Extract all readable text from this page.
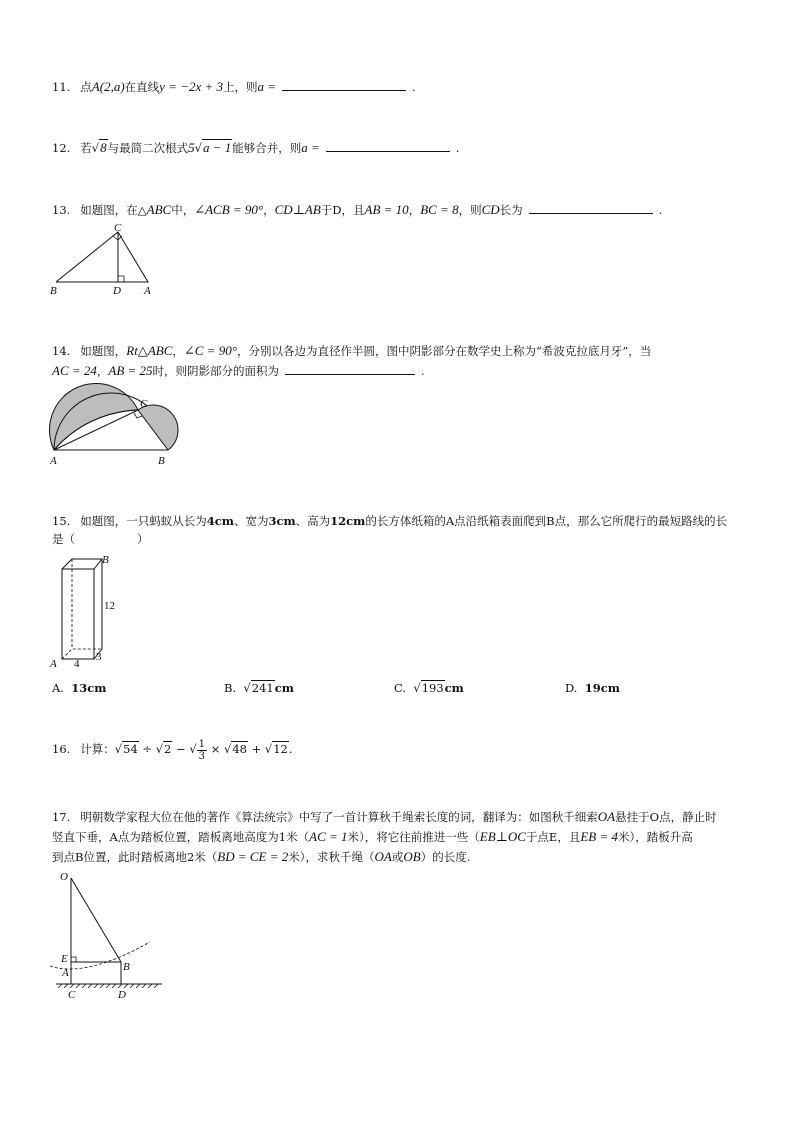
11. 点A(2,a)在直线y = −2x + 3上，则a =	.
12. 若√8与最简二次根式5√a − 1能够合并，则a =	.
13. 如题图，在△ABC中，∠ACB = 90°，CD⊥AB于D，且AB = 10，BC = 8，则CD长为	.
B	D A
C
14. 如题图，Rt△ABC，∠C = 90°，分别以各边为直径作半圆，图中阴影部分在数学史上称为“希波克拉底月牙”，当
AC = 24，AB = 25时，则阴影部分的面积为	.
A	B
C
15. 如题图，一只蚂蚁从长为4cm、宽为3cm、高为12cm的长方体纸箱的A点沿纸箱表面爬到B点，那么它所爬行的最短路线的长
是（	）
A
B
12
4
3
A. 13cm	B.  √241cm	C.  √193cm	D. 19cm
16. 计算：√54 ÷ √2 − √ $\frac{1}{3} \times √48 + √12$.
17. 明朝数学家程大位在他的著作《算法统宗》中写了一首计算秋千绳索长度的词，翻译为：如图秋千细索OA悬挂于O点，静止时
竖直下垂，A点为踏板位置，踏板离地高度为1米（AC = 1米），将它往前推进一些（EB⊥OC于点E，且EB = 4米），踏板升高
到点B位置，此时踏板离地2米（BD = CE = 2米），求秋千绳（OA或OB）的长度.
O
E
A	B
C	D
